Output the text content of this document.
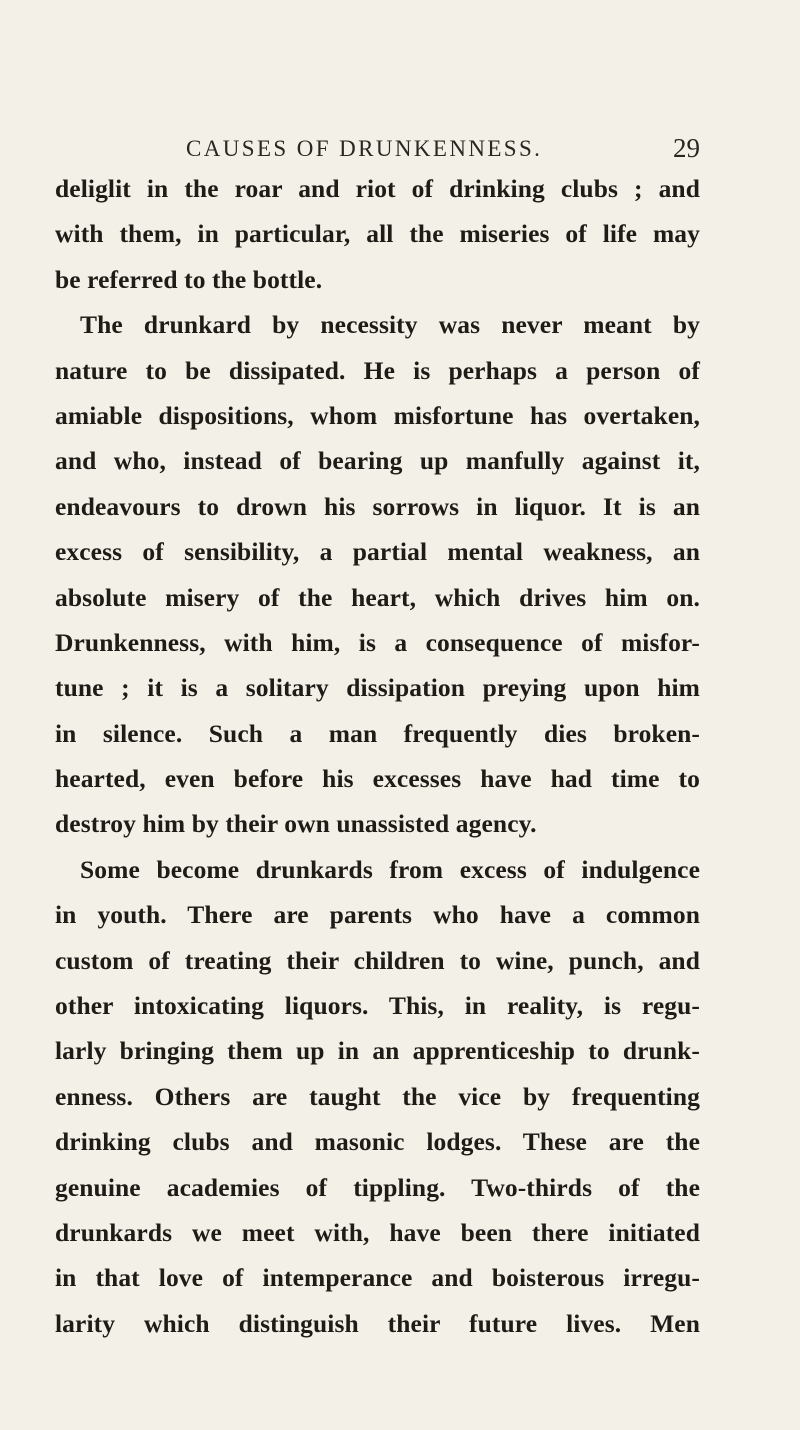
CAUSES OF DRUNKENNESS.	29
deliglit in the roar and riot of drinking clubs ; and
with them, in particular, all the miseries of life may
be referred to the bottle.
The drunkard by necessity was never meant by
nature to be dissipated. He is perhaps a person of
amiable dispositions, whom misfortune has overtaken,
and who, instead of bearing up manfully against it,
endeavours to drown his sorrows in liquor. It is an
excess of sensibility, a partial mental weakness, an
absolute misery of the heart, which drives him on.
Drunkenness, with him, is a consequence of misfor-
tune ; it is a solitary dissipation preying upon him
in silence. Such a man frequently dies broken-
hearted, even before his excesses have had time to
destroy him by their own unassisted agency.
Some become drunkards from excess of indulgence
in youth. There are parents who have a common
custom of treating their children to wine, punch, and
other intoxicating liquors. This, in reality, is regu-
larly bringing them up in an apprenticeship to drunk-
enness. Others are taught the vice by frequenting
drinking clubs and masonic lodges. These are the
genuine academies of tippling. Two-thirds of the
drunkards we meet with, have been there initiated
in that love of intemperance and boisterous irregu-
larity which distinguish their future lives. Men
